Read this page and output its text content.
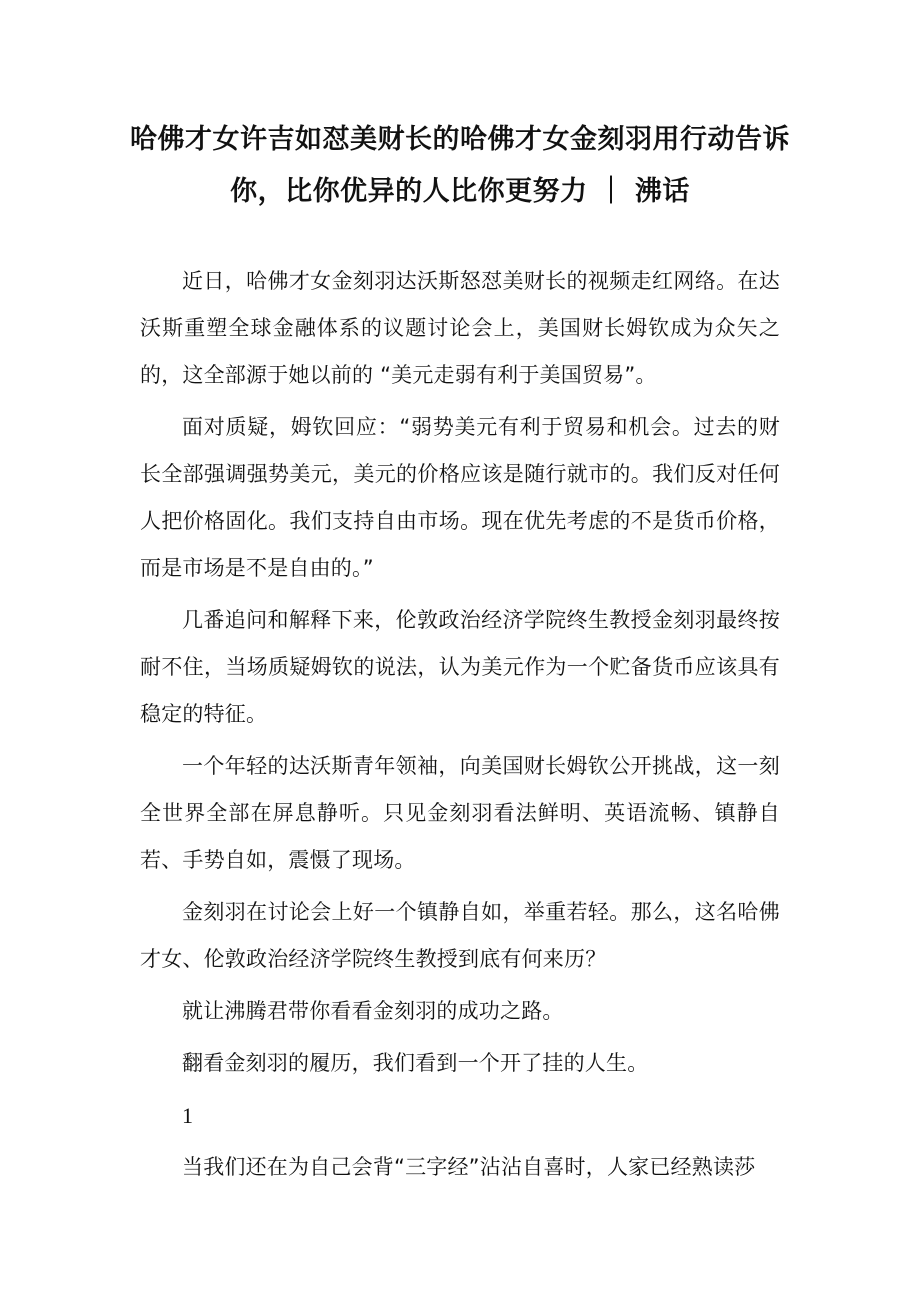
哈佛才女许吉如怼美财长的哈佛才女金刻羽用行动告诉你，比你优异的人比你更努力 ｜ 沸话

近日，哈佛才女金刻羽达沃斯怒怼美财长的视频走红网络。在达沃斯重塑全球金融体系的议题讨论会上，美国财长姆钦成为众矢之的，这全部源于她以前的 “美元走弱有利于美国贸易”。

面对质疑，姆钦回应：“弱势美元有利于贸易和机会。过去的财长全部强调强势美元，美元的价格应该是随行就市的。我们反对任何人把价格固化。我们支持自由市场。现在优先考虑的不是货币价格，而是市场是不是自由的。”

几番追问和解释下来，伦敦政治经济学院终生教授金刻羽最终按耐不住，当场质疑姆钦的说法，认为美元作为一个贮备货币应该具有稳定的特征。

一个年轻的达沃斯青年领袖，向美国财长姆钦公开挑战，这一刻全世界全部在屏息静听。只见金刻羽看法鲜明、英语流畅、镇静自若、手势自如，震慑了现场。

金刻羽在讨论会上好一个镇静自如，举重若轻。那么，这名哈佛才女、伦敦政治经济学院终生教授到底有何来历？

就让沸腾君带你看看金刻羽的成功之路。

翻看金刻羽的履历，我们看到一个开了挂的人生。

1

当我们还在为自己会背“三字经”沾沾自喜时，人家已经熟读莎
